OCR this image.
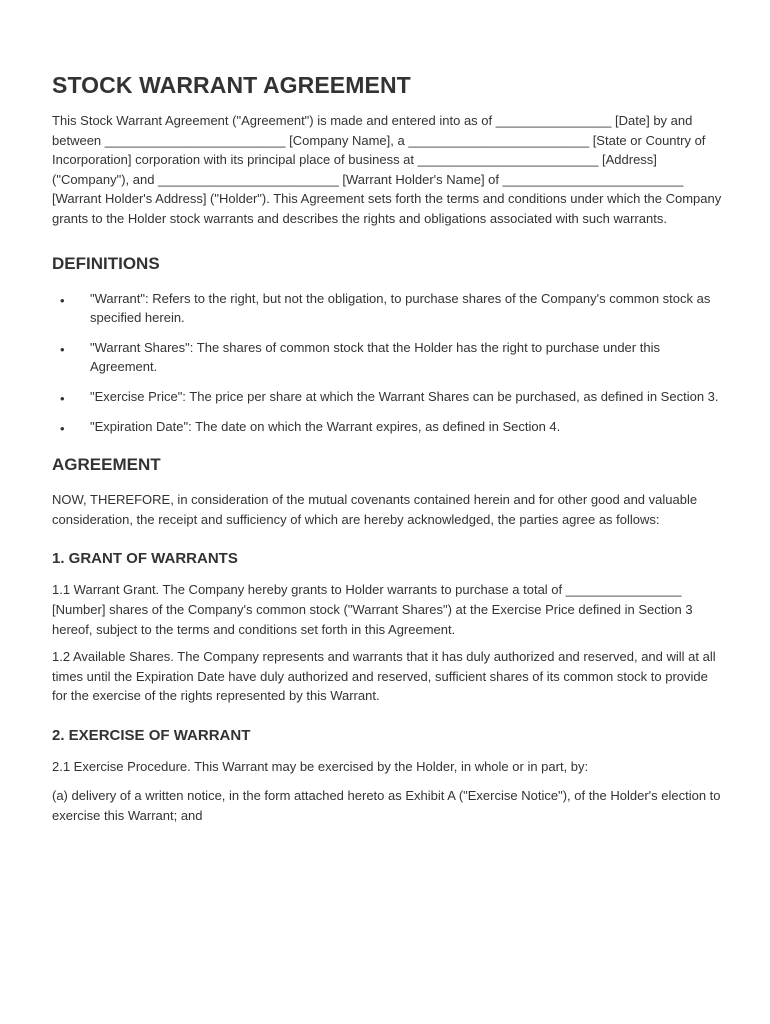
STOCK WARRANT AGREEMENT

This Stock Warrant Agreement ("Agreement") is made and entered into as of ________________ [Date] by and between _________________________ [Company Name], a _________________________ [State or Country of Incorporation] corporation with its principal place of business at _________________________ [Address] ("Company"), and _________________________ [Warrant Holder's Name] of _________________________ [Warrant Holder's Address] ("Holder"). This Agreement sets forth the terms and conditions under which the Company grants to the Holder stock warrants and describes the rights and obligations associated with such warrants.

DEFINITIONS
• "Warrant": Refers to the right, but not the obligation, to purchase shares of the Company's common stock as specified herein.
• "Warrant Shares": The shares of common stock that the Holder has the right to purchase under this Agreement.
• "Exercise Price": The price per share at which the Warrant Shares can be purchased, as defined in Section 3.
• "Expiration Date": The date on which the Warrant expires, as defined in Section 4.
AGREEMENT

NOW, THEREFORE, in consideration of the mutual covenants contained herein and for other good and valuable consideration, the receipt and sufficiency of which are hereby acknowledged, the parties agree as follows:

1. GRANT OF WARRANTS

1.1 Warrant Grant. The Company hereby grants to Holder warrants to purchase a total of ________________ [Number] shares of the Company's common stock ("Warrant Shares") at the Exercise Price defined in Section 3 hereof, subject to the terms and conditions set forth in this Agreement.

1.2 Available Shares. The Company represents and warrants that it has duly authorized and reserved, and will at all times until the Expiration Date have duly authorized and reserved, sufficient shares of its common stock to provide for the exercise of the rights represented by this Warrant.

2. EXERCISE OF WARRANT

2.1 Exercise Procedure. This Warrant may be exercised by the Holder, in whole or in part, by:

(a) delivery of a written notice, in the form attached hereto as Exhibit A ("Exercise Notice"), of the Holder's election to exercise this Warrant; and
